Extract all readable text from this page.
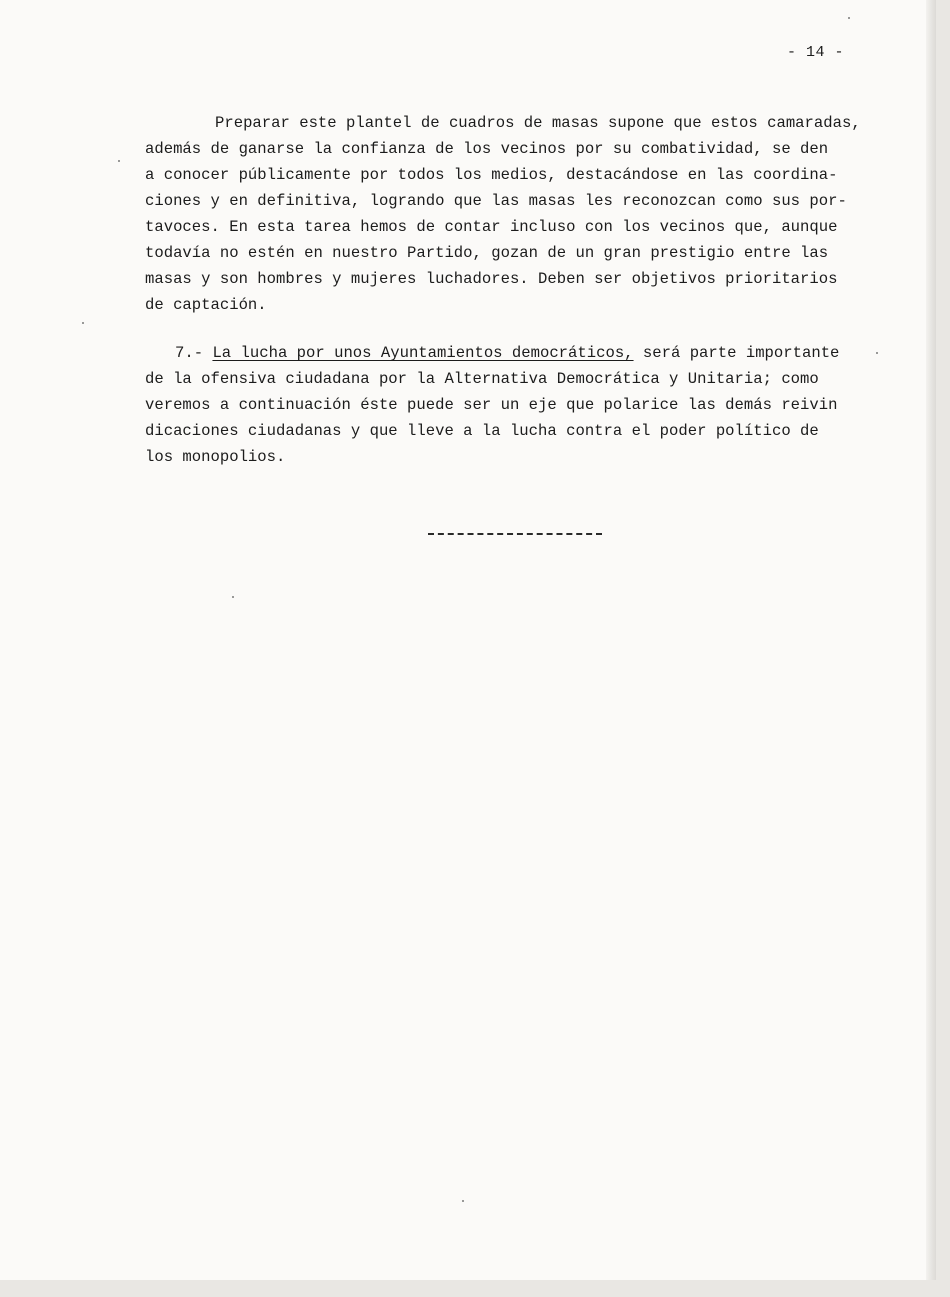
- 14 -
Preparar este plantel de cuadros de masas supone que estos camaradas,
además de ganarse la confianza de los vecinos por su combatividad, se den
a conocer públicamente por todos los medios, destacándose en las coordina-
ciones y en definitiva, logrando que las masas les reconozcan como sus por-
tavoces. En esta tarea hemos de contar incluso con los vecinos que, aunque
todavía no estén en nuestro Partido, gozan de un gran prestigio entre las
masas y son hombres y mujeres luchadores. Deben ser objetivos prioritarios
de captación.
7.- La lucha por unos Ayuntamientos democráticos, será parte importante
de la ofensiva ciudadana por la Alternativa Democrática y Unitaria; como
veremos a continuación éste puede ser un eje que polarice las demás reivin
dicaciones ciudadanas y que lleve a la lucha contra el poder político de
los monopolios.
